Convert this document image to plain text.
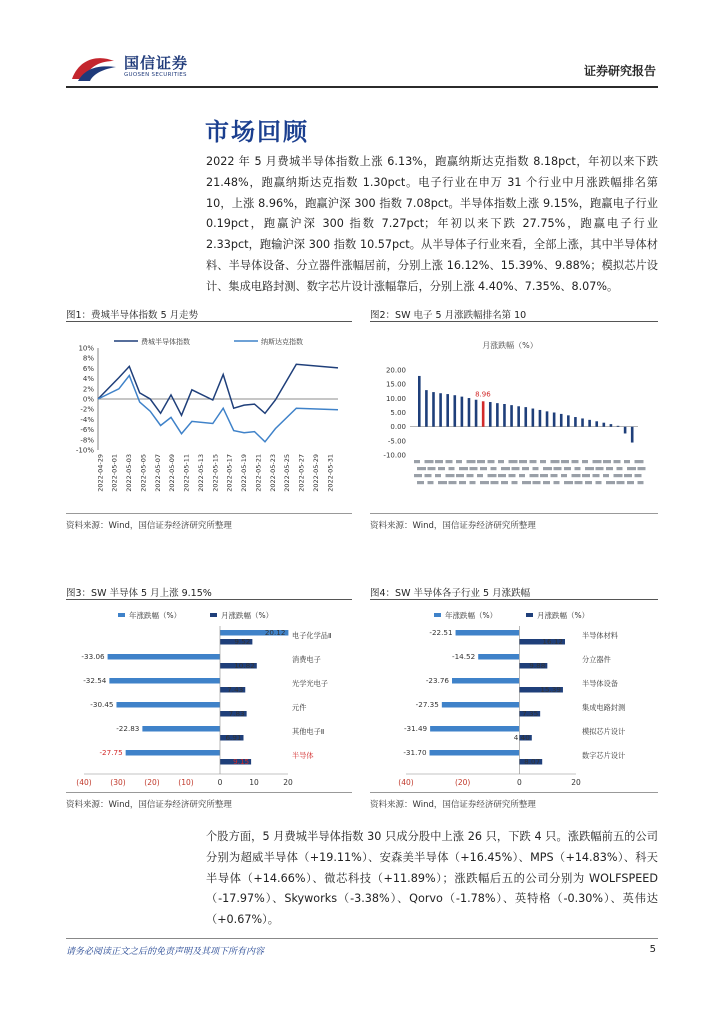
国信证券
GUOSEN SECURITIES	证券研究报告
市场回顾
2022 年 5 月费城半导体指数上涨 6.13%，跑赢纳斯达克指数 8.18pct，年初以来下跌 21.48%，跑赢纳斯达克指数 1.30pct。电子行业在申万 31 个行业中月涨跌幅排名第 10，上涨 8.96%，跑赢沪深 300 指数 7.08pct。半导体指数上涨 9.15%，跑赢电子行业 0.19pct，跑赢沪深 300 指数 7.27pct；年初以来下跌 27.75%，跑赢电子行业 2.33pct，跑输沪深 300 指数 10.57pct。从半导体子行业来看，全部上涨，其中半导体材料、半导体设备、分立器件涨幅居前，分别上涨 16.12%、15.39%、9.88%；模拟芯片设计、集成电路封测、数字芯片设计涨幅靠后，分别上涨 4.40%、7.35%、8.07%。
图1：费城半导体指数 5 月走势
费城半导体指数	纳斯达克指数
10%
8%
6%
4%
2%
0%
-2%
-4%
-6%
-8%
-10%
2022-04-29 2022-05-01 2022-05-03 2022-05-05 2022-05-07 2022-05-09 2022-05-11 2022-05-13 2022-05-15 2022-05-17 2022-05-19 2022-05-21 2022-05-23 2022-05-25 2022-05-27 2022-05-29 2022-05-31
资料来源：Wind，国信证券经济研究所整理
图2：SW 电子 5 月涨跌幅排名第 10
月涨跌幅（%）
20.00
15.00
10.00
5.00
0.00
-5.00
-10.00
8.96
资料来源：Wind，国信证券经济研究所整理
图3：SW 半导体 5 月上涨 9.15%
年涨跌幅（%）	月涨跌幅（%）
20.12
9.52
电子化学品Ⅱ
-33.06
10.82
消费电子
-32.54
7.43
光学光电子
-30.45
7.83
元件
-22.83
6.91
其他电子Ⅱ
-27.75
9.15
半导体
(40) (30) (20) (10)	0	10	20
资料来源：Wind，国信证券经济研究所整理
图4：SW 半导体各子行业 5 月涨跌幅
年涨跌幅（%）	月涨跌幅（%）
-22.51
16.12
半导体材料
-14.52
9.88
分立器件
-23.76
15.39
半导体设备
-27.35
7.35
集成电路封测
-31.49
4.40
模拟芯片设计
-31.70
8.07
数字芯片设计
(40)	(20)	0	20
资料来源：Wind，国信证券经济研究所整理
个股方面，5 月费城半导体指数 30 只成分股中上涨 26 只，下跌 4 只。涨跌幅前五的公司分别为超威半导体（+19.11%）、安森美半导体（+16.45%）、MPS（+14.83%）、科天半导体（+14.66%）、微芯科技（+11.89%）；涨跌幅后五的公司分别为 WOLFSPEED（-17.97%）、Skyworks（-3.38%）、Qorvo（-1.78%）、英特格（-0.30%）、英伟达（+0.67%）。
请务必阅读正文之后的免责声明及其项下所有内容	5
